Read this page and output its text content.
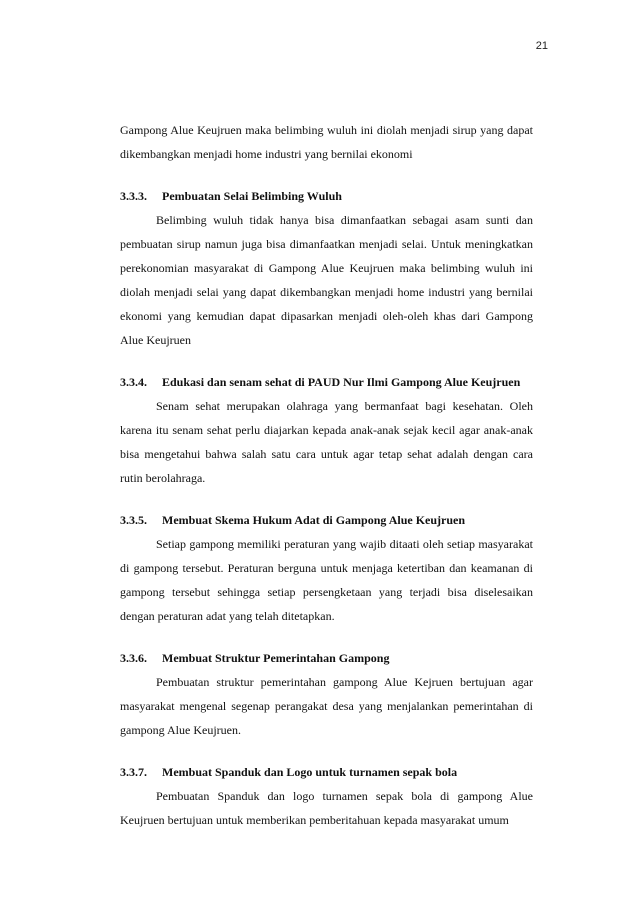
21

Gampong Alue Keujruen maka belimbing wuluh ini diolah menjadi sirup yang dapat dikembangkan menjadi home industri yang bernilai ekonomi

3.3.3.	Pembuatan Selai Belimbing Wuluh

Belimbing wuluh tidak hanya bisa dimanfaatkan sebagai asam sunti dan pembuatan sirup namun juga bisa dimanfaatkan menjadi selai. Untuk meningkatkan perekonomian masyarakat di Gampong Alue Keujruen maka belimbing wuluh ini diolah menjadi selai yang dapat dikembangkan menjadi home industri yang bernilai ekonomi yang kemudian dapat dipasarkan menjadi oleh-oleh khas dari Gampong Alue Keujruen

3.3.4.	Edukasi dan senam sehat di PAUD Nur Ilmi Gampong Alue Keujruen

Senam sehat merupakan olahraga yang bermanfaat bagi kesehatan. Oleh karena itu senam sehat perlu diajarkan kepada anak-anak sejak kecil agar anak-anak bisa mengetahui bahwa salah satu cara untuk agar tetap sehat adalah dengan cara rutin berolahraga.

3.3.5.	Membuat Skema Hukum Adat di Gampong Alue Keujruen

Setiap gampong memiliki peraturan yang wajib ditaati oleh setiap masyarakat di gampong tersebut. Peraturan berguna untuk menjaga ketertiban dan keamanan di gampong tersebut sehingga setiap persengketaan yang terjadi bisa diselesaikan dengan peraturan adat yang telah ditetapkan.

3.3.6.	Membuat Struktur Pemerintahan Gampong

Pembuatan struktur pemerintahan gampong Alue Kejruen bertujuan agar masyarakat mengenal segenap perangakat desa yang menjalankan pemerintahan di gampong Alue Keujruen.

3.3.7.	Membuat Spanduk dan Logo untuk turnamen sepak bola

Pembuatan Spanduk dan logo turnamen sepak bola di gampong Alue Keujruen bertujuan untuk memberikan pemberitahuan kepada masyarakat umum
